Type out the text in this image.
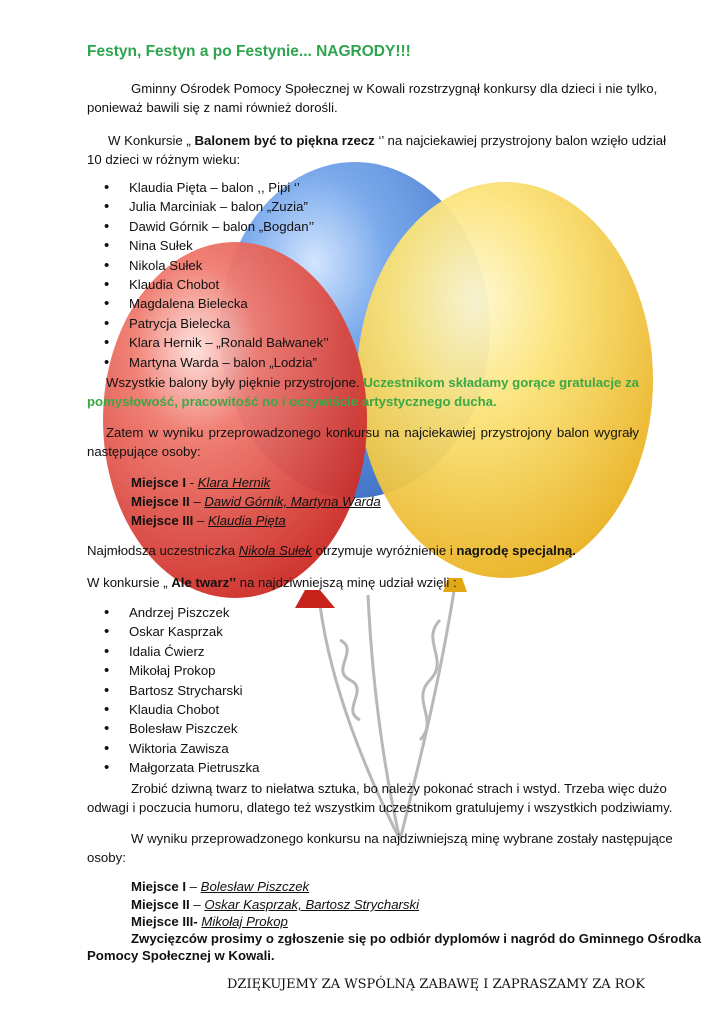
Festyn, Festyn a po Festynie... NAGRODY!!!
Gminny Ośrodek Pomocy Społecznej w Kowali rozstrzygnął konkursy dla dzieci i nie tylko,
ponieważ bawili się z nami również dorośli.
W Konkursie „ Balonem być to piękna rzecz ‘’ na najciekawiej przystrojony balon wzięło udział
10 dzieci w różnym wieku:
• Klaudia Pięta – balon ,, Pipi ‘’
• Julia Marciniak – balon „Zuzia”
• Dawid Górnik – balon „Bogdan’’
• Nina Sułek
• Nikola Sułek
• Klaudia Chobot
• Magdalena Bielecka
• Patrycja Bielecka
• Klara Hernik – „Ronald Bałwanek’’
• Martyna Warda – balon „Lodzia”
Wszystkie balony były pięknie przystrojone. Uczestnikom składamy gorące gratulacje za
pomysłowość, pracowitość no i oczywiście artystycznego ducha.
Zatem w wyniku przeprowadzonego konkursu na najciekawiej przystrojony balon wygrały
następujące osoby:
Miejsce I - Klara Hernik
Miejsce II – Dawid Górnik, Martyna Warda
Miejsce III – Klaudia Pięta
Najmłodsza uczestniczka Nikola Sułek otrzymuje wyróżnienie i nagrodę specjalną.
W konkursie „ Ale twarz’’ na najdziwniejszą minę udział wzięli :
• Andrzej Piszczek
• Oskar Kasprzak
• Idalia Ćwierz
• Mikołaj Prokop
• Bartosz Strycharski
• Klaudia Chobot
• Bolesław Piszczek
• Wiktoria Zawisza
• Małgorzata Pietruszka
Zrobić dziwną twarz to niełatwa sztuka, bo należy pokonać strach i wstyd. Trzeba więc dużo
odwagi i poczucia humoru, dlatego też wszystkim uczestnikom gratulujemy i wszystkich podziwiamy.
W wyniku przeprowadzonego konkursu na najdziwniejszą minę wybrane zostały następujące
osoby:
Miejsce I – Bolesław Piszczek
Miejsce II – Oskar Kasprzak, Bartosz Strycharski
Miejsce III- Mikołaj Prokop
Zwycięzców prosimy o zgłoszenie się po odbiór dyplomów i nagród do Gminnego Ośrodka
Pomocy Społecznej w Kowali.
DZIĘKUJEMY ZA WSPÓLNĄ ZABAWĘ I ZAPRASZAMY ZA ROK
